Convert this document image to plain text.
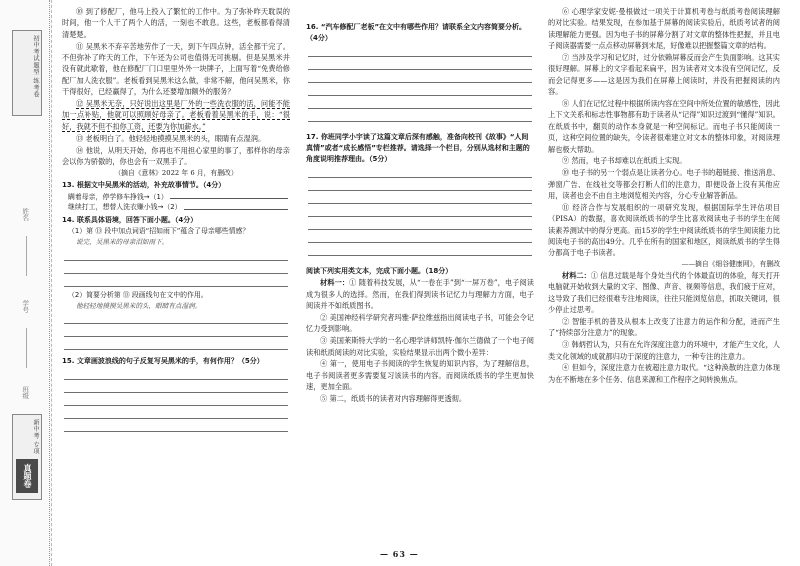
初中考试题型 练考卷
姓名
学号
班级
新中考 专项
真题卷
⑩ 到了修配厂，他马上投入了繁忙的工作中。为了弥补昨天耽误的时间，他一个人干了两个人的活，一刻也不敢息。这些，老板都看得清清楚楚。
⑪ 吴黑米不弃辛苦地劳作了一天，到下午四点钟，活全都干完了。不但弥补了昨天的工作，下午还为公司也值得无可挑剔。但是吴黑米并没有就此歇着，他在修配厂门口里里外外一块牌子，上面写着“免费给修配厂加人洗衣服”。老板看到吴黑米这么做，非常不解，他问吴黑米，你干得很好，已经赢得了，为什么还要增加额外的服务？
⑫ 吴黑米无奈，只好说出这里是厂外的一些洗衣服的活，问能不能加一点补贴，他就可以照顾好母亲了。老板看着吴黑米的手，说：“很好，我就不但不扣你工资，还要为你加薪水。”
⑬ 老板明白了。他轻轻地摸摸吴黑米的头，眼睛有点湿润。
⑭ 他说，从明天开始，你再也不用担心家里的事了，那样你的母亲会以你为骄傲的，你也会有一双黑手了。
（摘自《意林》2022 年 6 月，有删改）
13. 根据文中吴黑米的活动，补充故事情节。（4分）
瞒着母亲，停学修车挣钱→（1）
继续打工，想替人洗衣赚小钱→（2）
14. 联系具体语境，回答下面小题。（4分）
（1）第 ⑬ 段中加点词语“招如雨下”蕴含了母亲哪些情感？
说完，吴黑米的母亲泪如雨下。
（2）简要分析第 ⑬ 段画线句在文中的作用。
他轻轻地摸摸吴黑米的头，眼睛有点湿润。
15. 文章画波浪线的句子反复写吴黑米的手，有何作用？（5分）
16. “汽车修配厂老板”在文中有哪些作用？请联系全文内容简要分析。（4分）
17. 你班同学小宇读了这篇文章后深有感触，准备向校刊《故事》“人间真情”或者“成长感悟”专栏推荐。请选择一个栏目，分别从选材和主题的角度说明推荐理由。（5分）
阅读下列实用类文本，完成下面小题。（18分）
材料一：① 随着科技发展，从“一卷在手”到“一屏万卷”，电子阅读成为很多人的选择。然而，在我们得到读书记忆力与理解力方面，电子阅读并不如纸质图书。
② 美国神经科学研究者玛雅·萨拉维兹指出阅读电子书，可能会令记忆力受到影响。
③ 美国莱斯特大学的一名心理学讲师凯特·伽尔兰德做了一个电子阅读和纸质阅读的对比实验，实验结果显示出两个微小差异：
④ 第一，使用电子书阅读的学生恢复的知识内容，为了理解信息，电子书阅读者更多需要复习该读书的内容。而阅读纸质书的学生更加快速，更加全面。
⑤ 第二，纸质书的读者对内容理解得更透彻。
⑥ 心理学家安妮·曼根做过一项关于计算机考卷与纸质考卷阅读理解的对比实验。结果发现，在参加基于屏幕的阅读实验后，纸质考试者的阅读理解能力更强。因为电子书的屏幕分割了对文章的整体性把握，并且电子阅读器需要一点点移动屏幕到末尾，好像难以把握整篇文章的结构。
⑦ 当涉及学习和记忆时，过分依赖屏幕反而会产生负面影响。这其实很好理解。屏幕上的文字看起来扁平，因为读者对文本没有空间记忆，反而会记得更多——这是因为我们在屏幕上阅读时，并没有把握阅读的内容。
⑧ 人们在记忆过程中根据所读内容在空间中所处位置的敏感性，因此上下文关系和标志性事物都有助于读者从“记得”知识过渡到“懂得”知识。在纸质书中，翻页的动作本身就是一种空间标记。而电子书只能阅读一页，这种空间位置的缺失，令读者很难建立对文本的整体印象，对阅读理解也极大帮助。
⑨ 然而，电子书却难以在纸质上实现。
⑩ 电子书的另一个弱点是让读者分心。电子书的超链接、推送消息、弹窗广告、在线社交等都会打断人们的注意力，即便设备上没有其他应用，读者也会不由自主地浏览相关内容，分心专业解答新品。
⑪ 经济合作与发展组织的一项研究发现，根据国际学生评估项目（PISA）的数据，喜欢阅读纸质书的学生比喜欢阅读电子书的学生在阅读素养测试中的得分更高。而15岁的学生中阅读纸质书的学生阅读能力比阅读电子书的高出49分。几乎在所有的国家和地区，阅读纸质书的学生得分都高于电子书读者。
——摘自《细谷健康网》，有删改
材料二：① 信息过载是每个身处当代的个体最直切的体验，每天打开电脑就开始收到大量的文字、图像、声音、视频等信息，我们疲于应对，这导致了我们已经很难专注地阅读，往往只能浏览信息，抓取关键词，很少停止过思考。
② 智能手机的普及从根本上改变了注意力的运作和分配，进而产生了“持续部分注意力”的现象。
③ 韩炳哲认为，只有在允许深度注意力的环境中，才能产生文化，人类文化领域的成就都归功于深度的注意力，一种专注的注意力。
④ 但如今，深度注意力在被超注意力取代。“这种涣散的注意力体现为在不断地在多个任务、信息来源和工作程序之间转换焦点。
— 63 —
